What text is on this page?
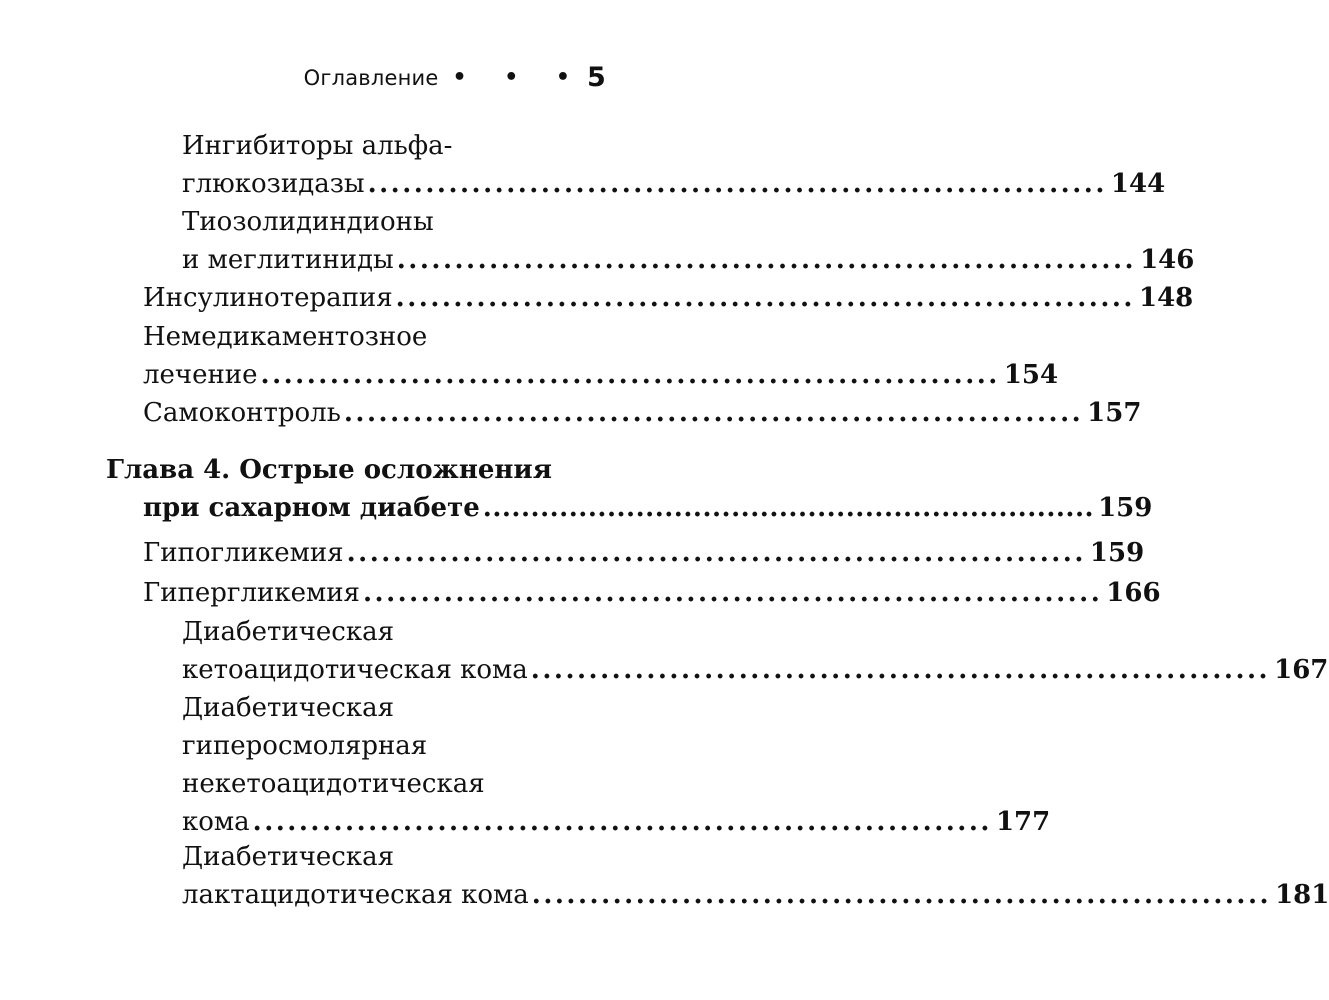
Оглавление • • • 5
Ингибиторы альфа-
глюкозидазы ................................................................ 144
Тиозолидиндионы
и меглитиниды ................................................................ 146
Инсулинотерапия ................................................................ 148
Немедикаментозное
лечение ................................................................ 154
Самоконтроль ................................................................ 157
Глава 4. Острые осложнения
при сахарном диабете ................................................................ 159
Гипогликемия ................................................................ 159
Гипергликемия ................................................................ 166
Диабетическая
кетоацидотическая кома ................................................................ 167
Диабетическая
гиперосмолярная
некетоацидотическая
кома ................................................................ 177
Диабетическая
лактацидотическая кома ................................................................ 181
